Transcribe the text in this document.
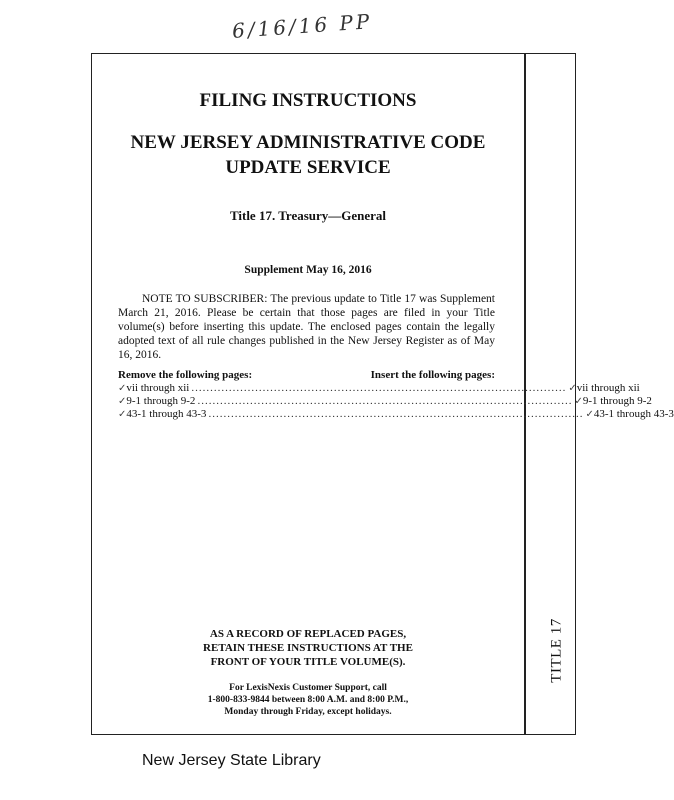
6/16/16 PP
TITLE 17
FILING INSTRUCTIONS
NEW JERSEY ADMINISTRATIVE CODE
UPDATE SERVICE
Title 17. Treasury—General
Supplement May 16, 2016

NOTE TO SUBSCRIBER: The previous update to Title 17 was Supplement March 21, 2016. Please be certain that those pages are filed in your Title volume(s) before inserting this update. The enclosed pages contain the legally adopted text of all rule changes published in the New Jersey Register as of May 16, 2016.

Remove the following pages:	Insert the following pages:
✓ vii through xii .................................................................................................... ✓ vii through xii
✓ 9-1 through 9-2 .................................................................................................... ✓ 9-1 through 9-2
✓ 43-1 through 43-3 .................................................................................................... ✓ 43-1 through 43-3
AS A RECORD OF REPLACED PAGES,
RETAIN THESE INSTRUCTIONS AT THE
FRONT OF YOUR TITLE VOLUME(S).
For LexisNexis Customer Support, call
1-800-833-9844 between 8:00 A.M. and 8:00 P.M.,
Monday through Friday, except holidays.
New Jersey State Library
